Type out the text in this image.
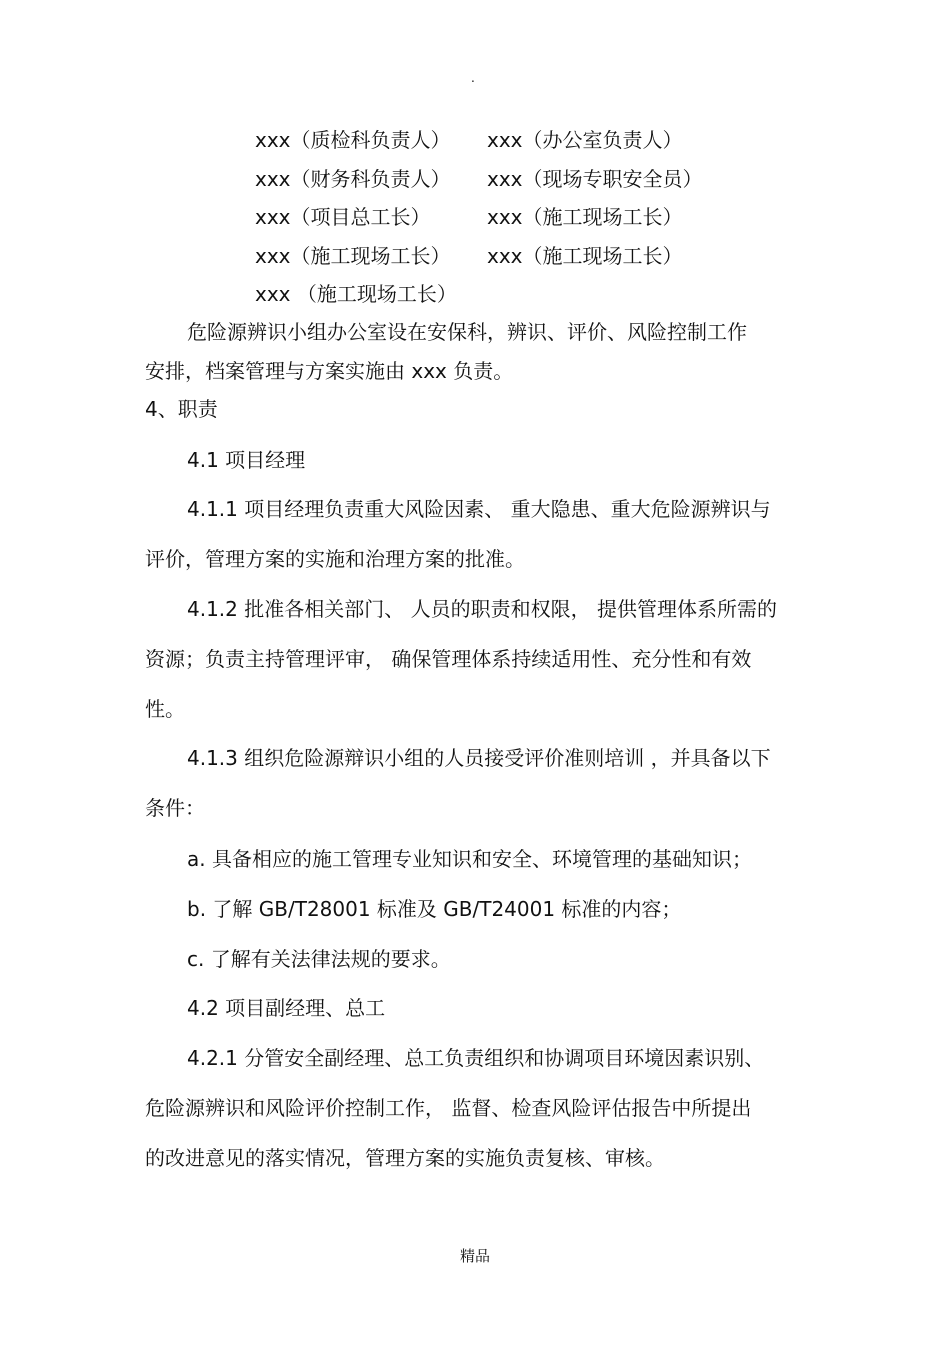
.
xxx（质检科负责人） xxx（办公室负责人）
xxx（财务科负责人） xxx（现场专职安全员）
xxx（项目总工长）	xxx（施工现场工长）
xxx（施工现场工长） xxx（施工现场工长）
xxx （施工现场工长）
危险源辨识小组办公室设在安保科，辨识、评价、风险控制工作
安排，档案管理与方案实施由 xxx 负责。
4、职责
4.1 项目经理
4.1.1 项目经理负责重大风险因素、 重大隐患、重大危险源辨识与
评价，管理方案的实施和治理方案的批准。
4.1.2 批准各相关部门、 人员的职责和权限， 提供管理体系所需的
资源；负责主持管理评审， 确保管理体系持续适用性、充分性和有效
性。
4.1.3 组织危险源辩识小组的人员接受评价准则培训 ，并具备以下
条件：
a. 具备相应的施工管理专业知识和安全、环境管理的基础知识；
b. 了解 GB/T28001 标准及 GB/T24001 标准的内容；
c. 了解有关法律法规的要求。
4.2 项目副经理、总工
4.2.1 分管安全副经理、总工负责组织和协调项目环境因素识别、
危险源辨识和风险评价控制工作， 监督、检查风险评估报告中所提出
的改进意见的落实情况，管理方案的实施负责复核、审核。
精品
